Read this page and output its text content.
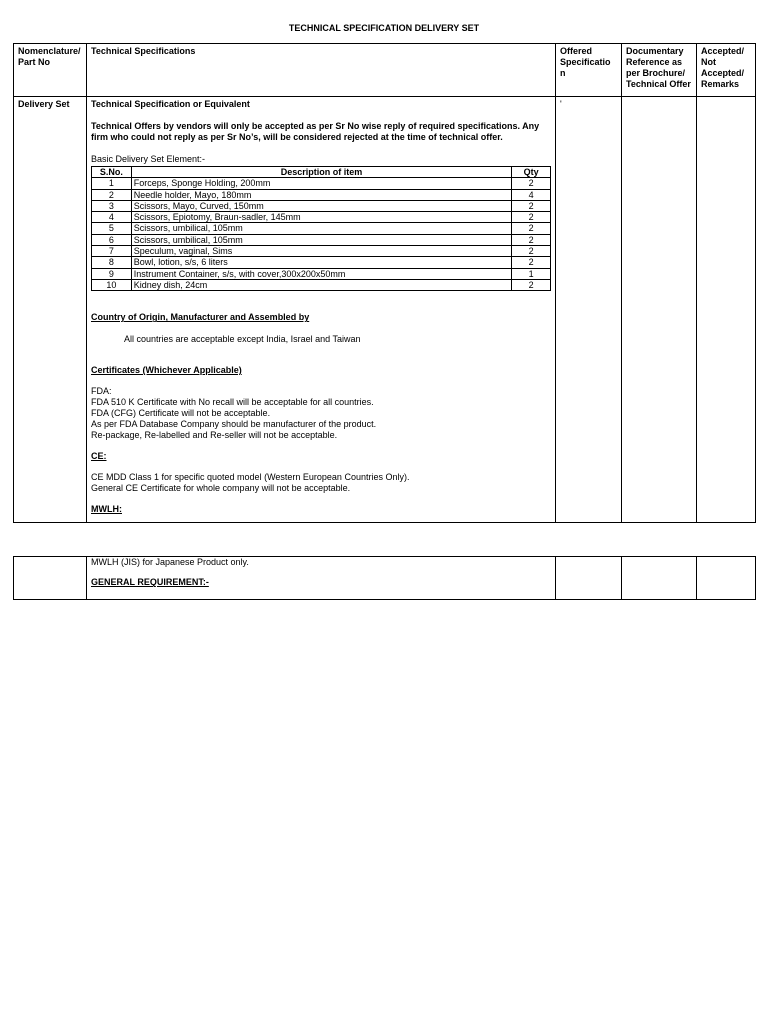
TECHNICAL SPECIFICATION DELIVERY SET
Nomenclature/ Part No	Technical Specifications	Offered Specificatio n	Documentary Reference as per Brochure/ Technical Offer	Accepted/ Not Accepted/ Remarks
Delivery Set	Technical Specification or Equivalent

Technical Offers by vendors will only be accepted as per Sr No wise reply of required specifications. Any firm who could not reply as per Sr No’s, will be considered rejected at the time of technical offer.

Basic Delivery Set Element:-

S.No.	Description of item	Qty
1	Forceps, Sponge Holding, 200mm	2
2	Needle holder, Mayo, 180mm	4
3	Scissors, Mayo, Curved, 150mm	2
4	Scissors, Epiotomy, Braun-sadler, 145mm	2
5	Scissors, umbilical, 105mm	2
6	Scissors, umbilical, 105mm	2
7	Speculum, vaginal, Sims	2
8	Bowl, lotion, s/s, 6 liters	2
9	Instrument Container, s/s, with cover,300x200x50mm	1
10	Kidney dish, 24cm	2

Country of Origin, Manufacturer and Assembled by

All countries are acceptable except India, Israel and Taiwan

Certificates (Whichever Applicable)

FDA:

FDA 510 K Certificate with No recall will be acceptable for all countries.

FDA (CFG) Certificate will not be acceptable.

As per FDA Database Company should be manufacturer of the product.

Re-package, Re-labelled and Re-seller will not be acceptable.

CE:

CE MDD Class 1 for specific quoted model (Western European Countries Only).

General CE Certificate for whole company will not be acceptable.

MWLH:

	'		

MWLH (JIS) for Japanese Product only.

GENERAL REQUIREMENT:-
